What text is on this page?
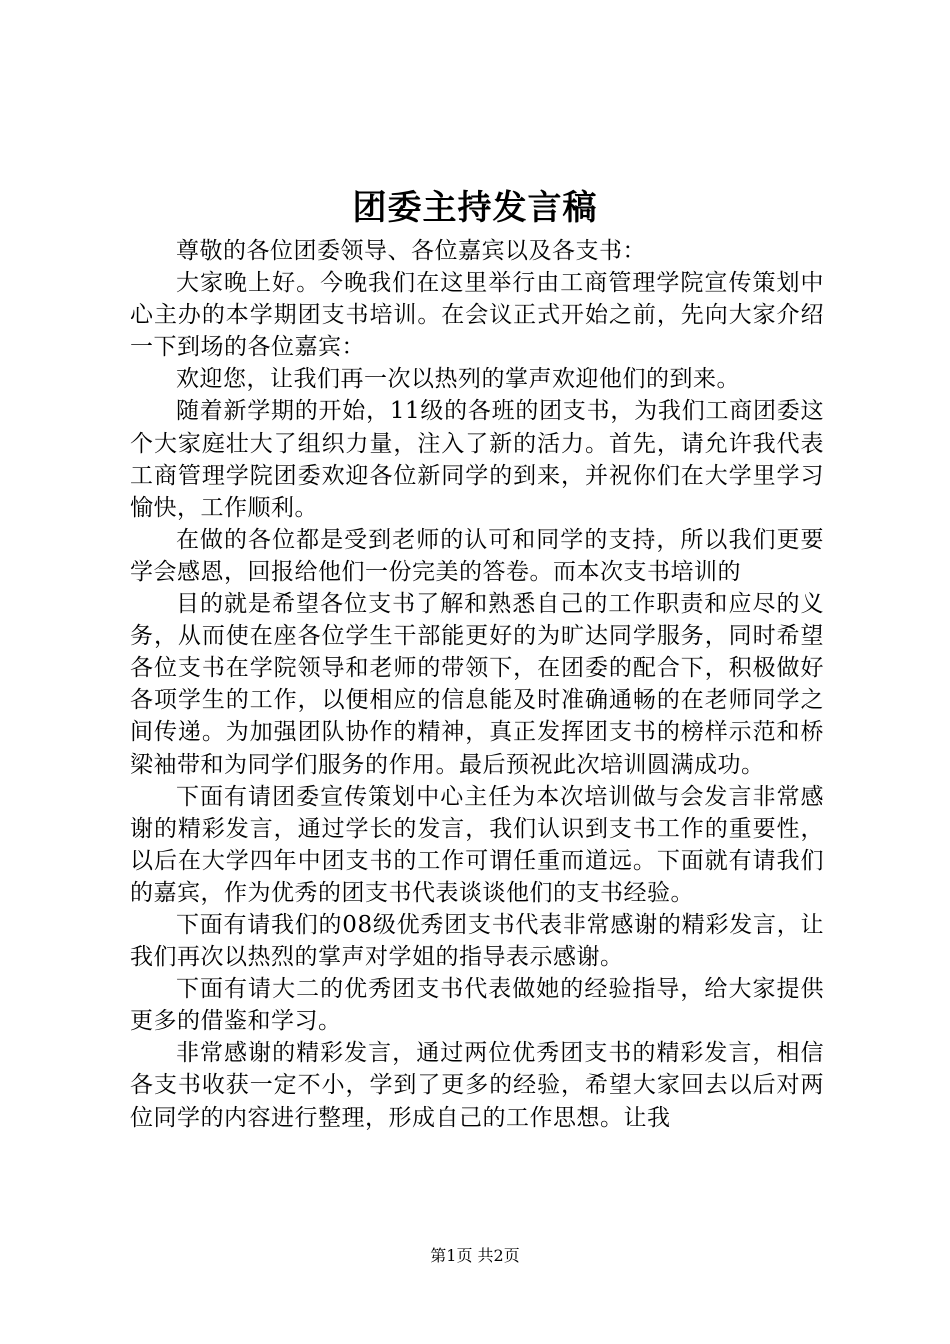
团委主持发言稿

尊敬的各位团委领导、各位嘉宾以及各支书：

大家晚上好。今晚我们在这里举行由工商管理学院宣传策划中心主办的本学期团支书培训。在会议正式开始之前，先向大家介绍一下到场的各位嘉宾：

欢迎您，让我们再一次以热列的掌声欢迎他们的到来。

随着新学期的开始，11级的各班的团支书，为我们工商团委这个大家庭壮大了组织力量，注入了新的活力。首先，请允许我代表工商管理学院团委欢迎各位新同学的到来，并祝你们在大学里学习愉快，工作顺利。

在做的各位都是受到老师的认可和同学的支持，所以我们更要学会感恩，回报给他们一份完美的答卷。而本次支书培训的

目的就是希望各位支书了解和熟悉自己的工作职责和应尽的义务，从而使在座各位学生干部能更好的为旷达同学服务，同时希望各位支书在学院领导和老师的带领下，在团委的配合下，积极做好各项学生的工作，以便相应的信息能及时准确通畅的在老师同学之间传递。为加强团队协作的精神，真正发挥团支书的榜样示范和桥梁袖带和为同学们服务的作用。最后预祝此次培训圆满成功。

下面有请团委宣传策划中心主任为本次培训做与会发言非常感谢的精彩发言，通过学长的发言，我们认识到支书工作的重要性，以后在大学四年中团支书的工作可谓任重而道远。下面就有请我们的嘉宾，作为优秀的团支书代表谈谈他们的支书经验。

下面有请我们的08级优秀团支书代表非常感谢的精彩发言，让我们再次以热烈的掌声对学姐的指导表示感谢。

下面有请大二的优秀团支书代表做她的经验指导，给大家提供更多的借鉴和学习。

非常感谢的精彩发言，通过两位优秀团支书的精彩发言，相信各支书收获一定不小，学到了更多的经验，希望大家回去以后对两位同学的内容进行整理，形成自己的工作思想。让我

第1页 共2页
